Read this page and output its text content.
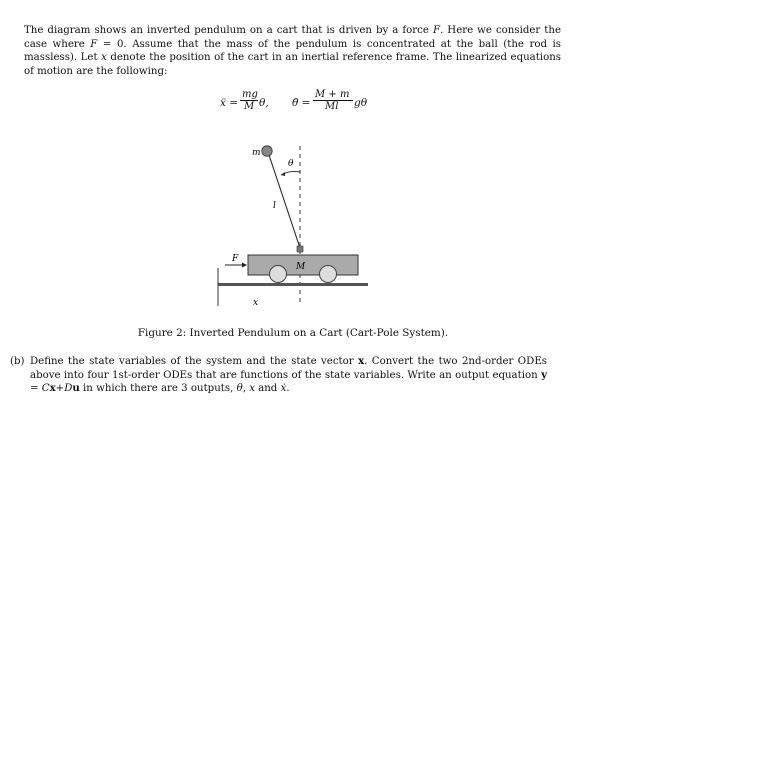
The diagram shows an inverted pendulum on a cart that is driven by a force F. Here we consider the case where F = 0. Assume that the mass of the pendulum is concentrated at the ball (the rod is massless). Let x denote the position of the cart in an inertial reference frame. The linearized equations of motion are the following:
ẍ =
mg
M θ, θ̈ =
M + m
Ml gθ
m
θ
l
F
M
x
Figure 2: Inverted Pendulum on a Cart (Cart-Pole System).
(b) Define the state variables of the system and the state vector x. Convert the two 2nd-order ODEs above into four 1st-order ODEs that are functions of the state variables. Write an output equation y = Cx+Du in which there are 3 outputs, θ, x and ẋ.
